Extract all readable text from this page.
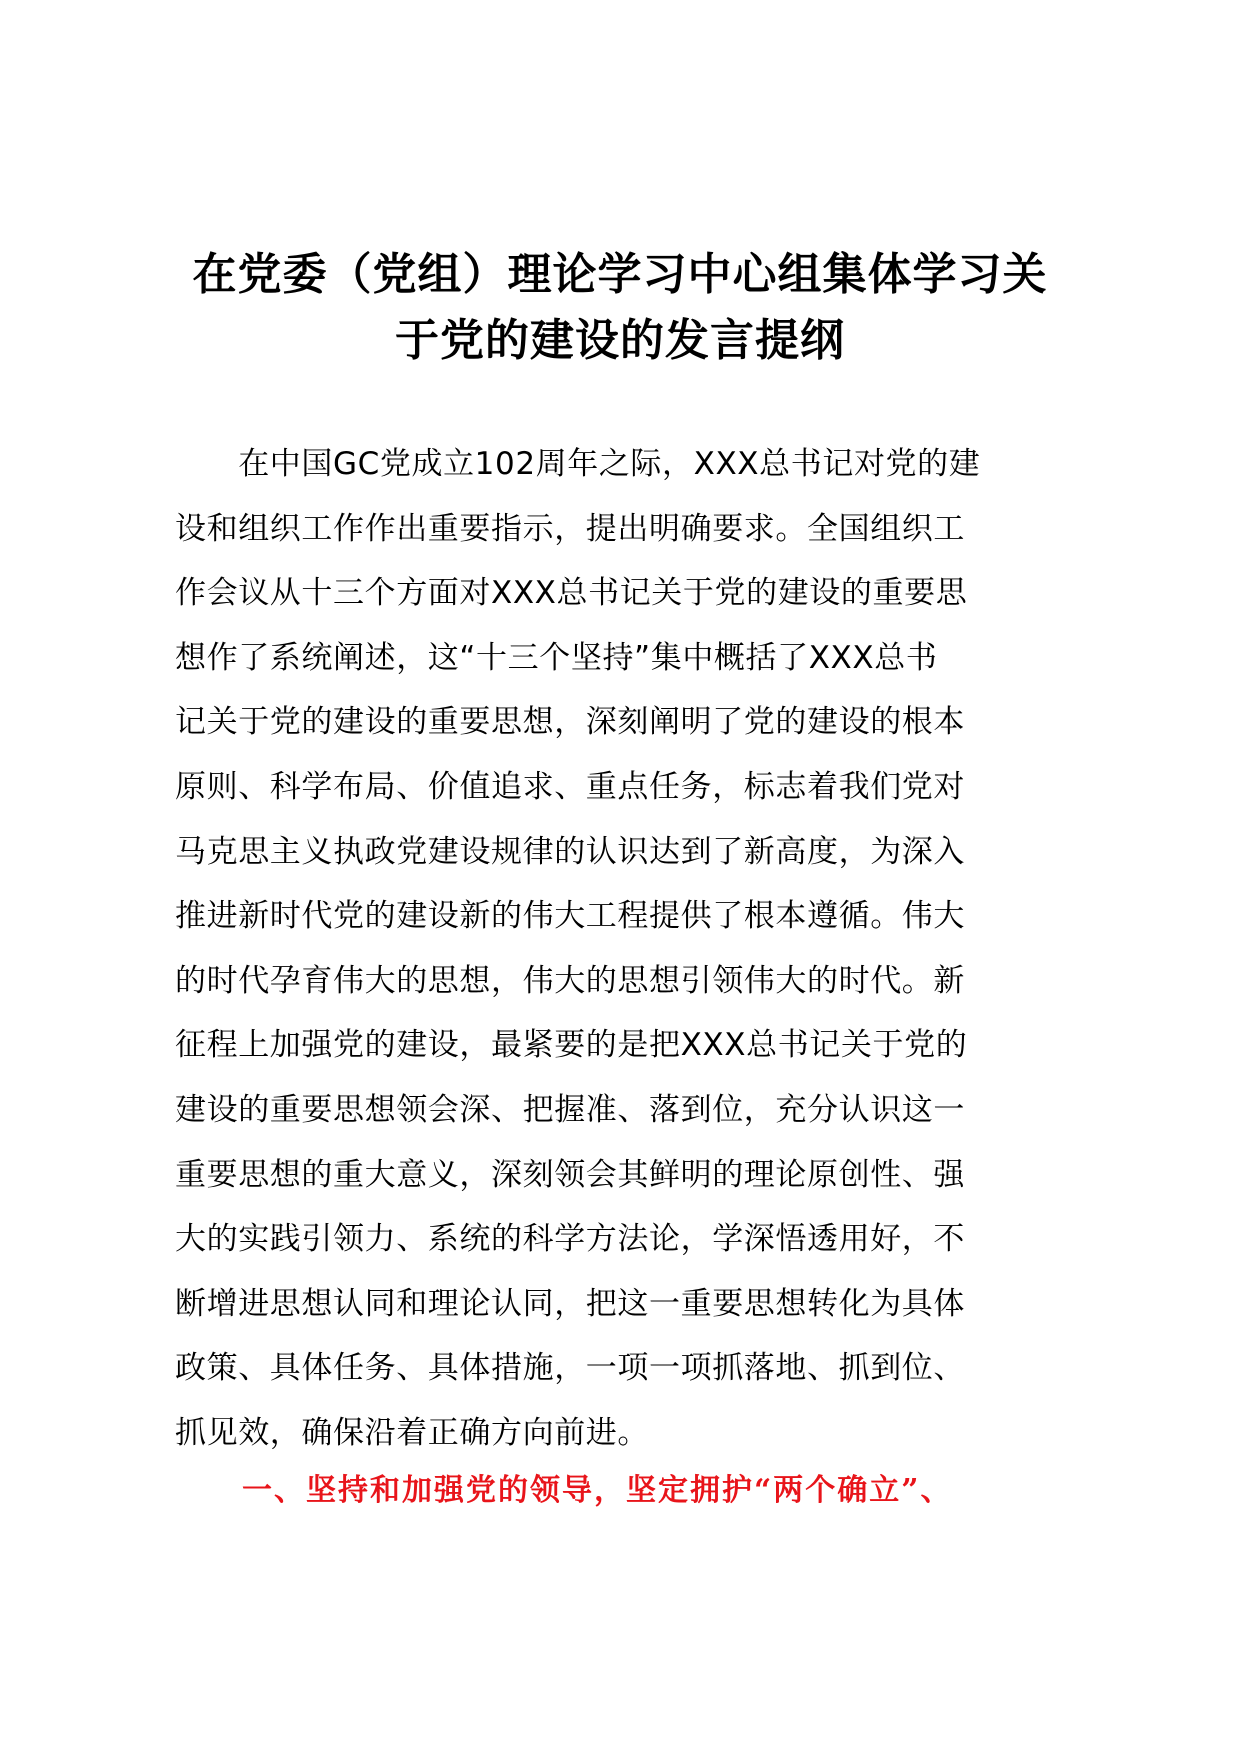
在党委（党组）理论学习中心组集体学习关
于党的建设的发言提纲
　　在中国GC党成立102周年之际，XXX总书记对党的建
设和组织工作作出重要指示，提出明确要求。全国组织工
作会议从十三个方面对XXX总书记关于党的建设的重要思
想作了系统阐述，这“十三个坚持”集中概括了XXX总书
记关于党的建设的重要思想，深刻阐明了党的建设的根本
原则、科学布局、价值追求、重点任务，标志着我们党对
马克思主义执政党建设规律的认识达到了新高度，为深入
推进新时代党的建设新的伟大工程提供了根本遵循。伟大
的时代孕育伟大的思想，伟大的思想引领伟大的时代。新
征程上加强党的建设，最紧要的是把XXX总书记关于党的
建设的重要思想领会深、把握准、落到位，充分认识这一
重要思想的重大意义，深刻领会其鲜明的理论原创性、强
大的实践引领力、系统的科学方法论，学深悟透用好，不
断增进思想认同和理论认同，把这一重要思想转化为具体
政策、具体任务、具体措施，一项一项抓落地、抓到位、
抓见效，确保沿着正确方向前进。
一、坚持和加强党的领导，坚定拥护“两个确立”、
